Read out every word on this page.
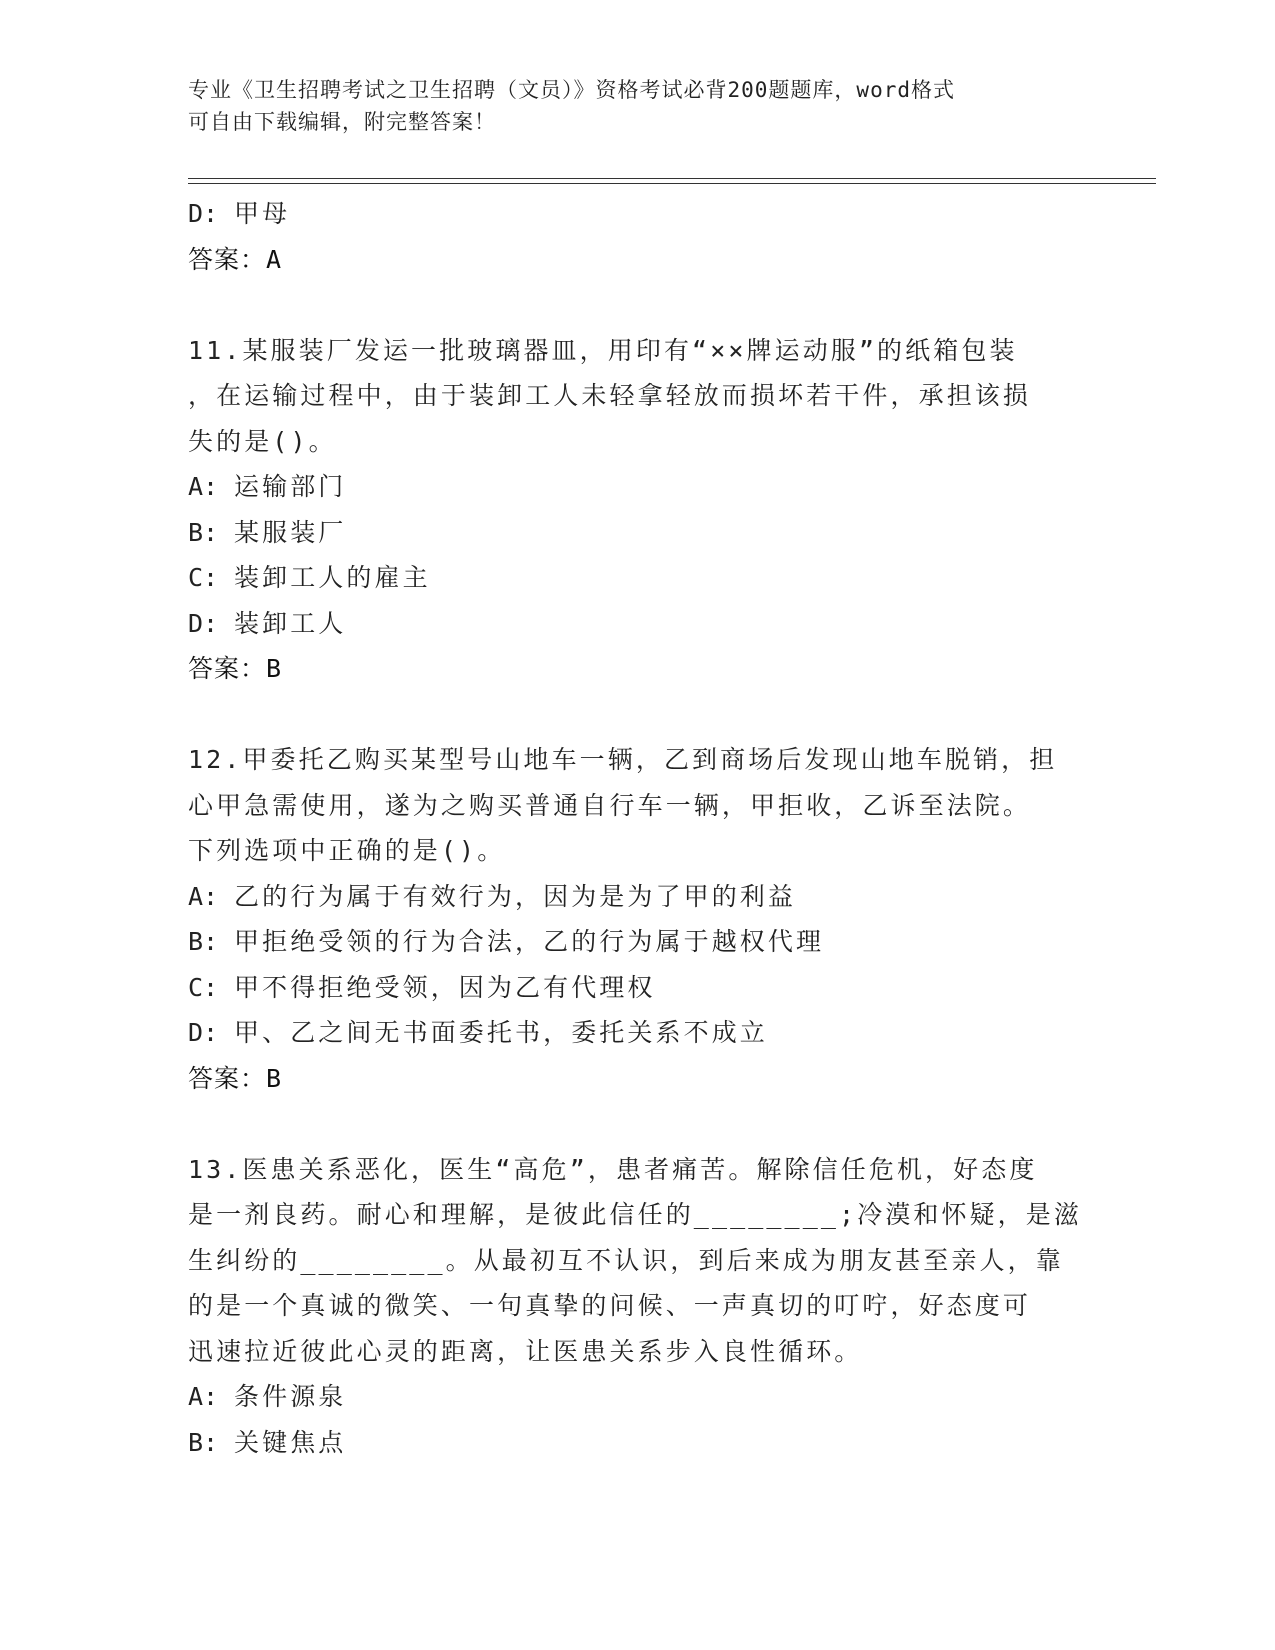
专业《卫生招聘考试之卫生招聘（文员）》资格考试必背200题题库，word格式
可自由下载编辑，附完整答案！
D: 甲母
答案：A
11.某服装厂发运一批玻璃器皿，用印有“××牌运动服”的纸箱包装
，在运输过程中，由于装卸工人未轻拿轻放而损坏若干件，承担该损
失的是()。
A: 运输部门
B: 某服装厂
C: 装卸工人的雇主
D: 装卸工人
答案：B
12.甲委托乙购买某型号山地车一辆，乙到商场后发现山地车脱销，担
心甲急需使用，遂为之购买普通自行车一辆，甲拒收，乙诉至法院。
下列选项中正确的是()。
A: 乙的行为属于有效行为，因为是为了甲的利益
B: 甲拒绝受领的行为合法，乙的行为属于越权代理
C: 甲不得拒绝受领，因为乙有代理权
D: 甲、乙之间无书面委托书，委托关系不成立
答案：B
13.医患关系恶化，医生“高危”，患者痛苦。解除信任危机，好态度
是一剂良药。耐心和理解，是彼此信任的________;冷漠和怀疑，是滋
生纠纷的________。从最初互不认识，到后来成为朋友甚至亲人，靠
的是一个真诚的微笑、一句真挚的问候、一声真切的叮咛，好态度可
迅速拉近彼此心灵的距离，让医患关系步入良性循环。
A: 条件源泉
B: 关键焦点
